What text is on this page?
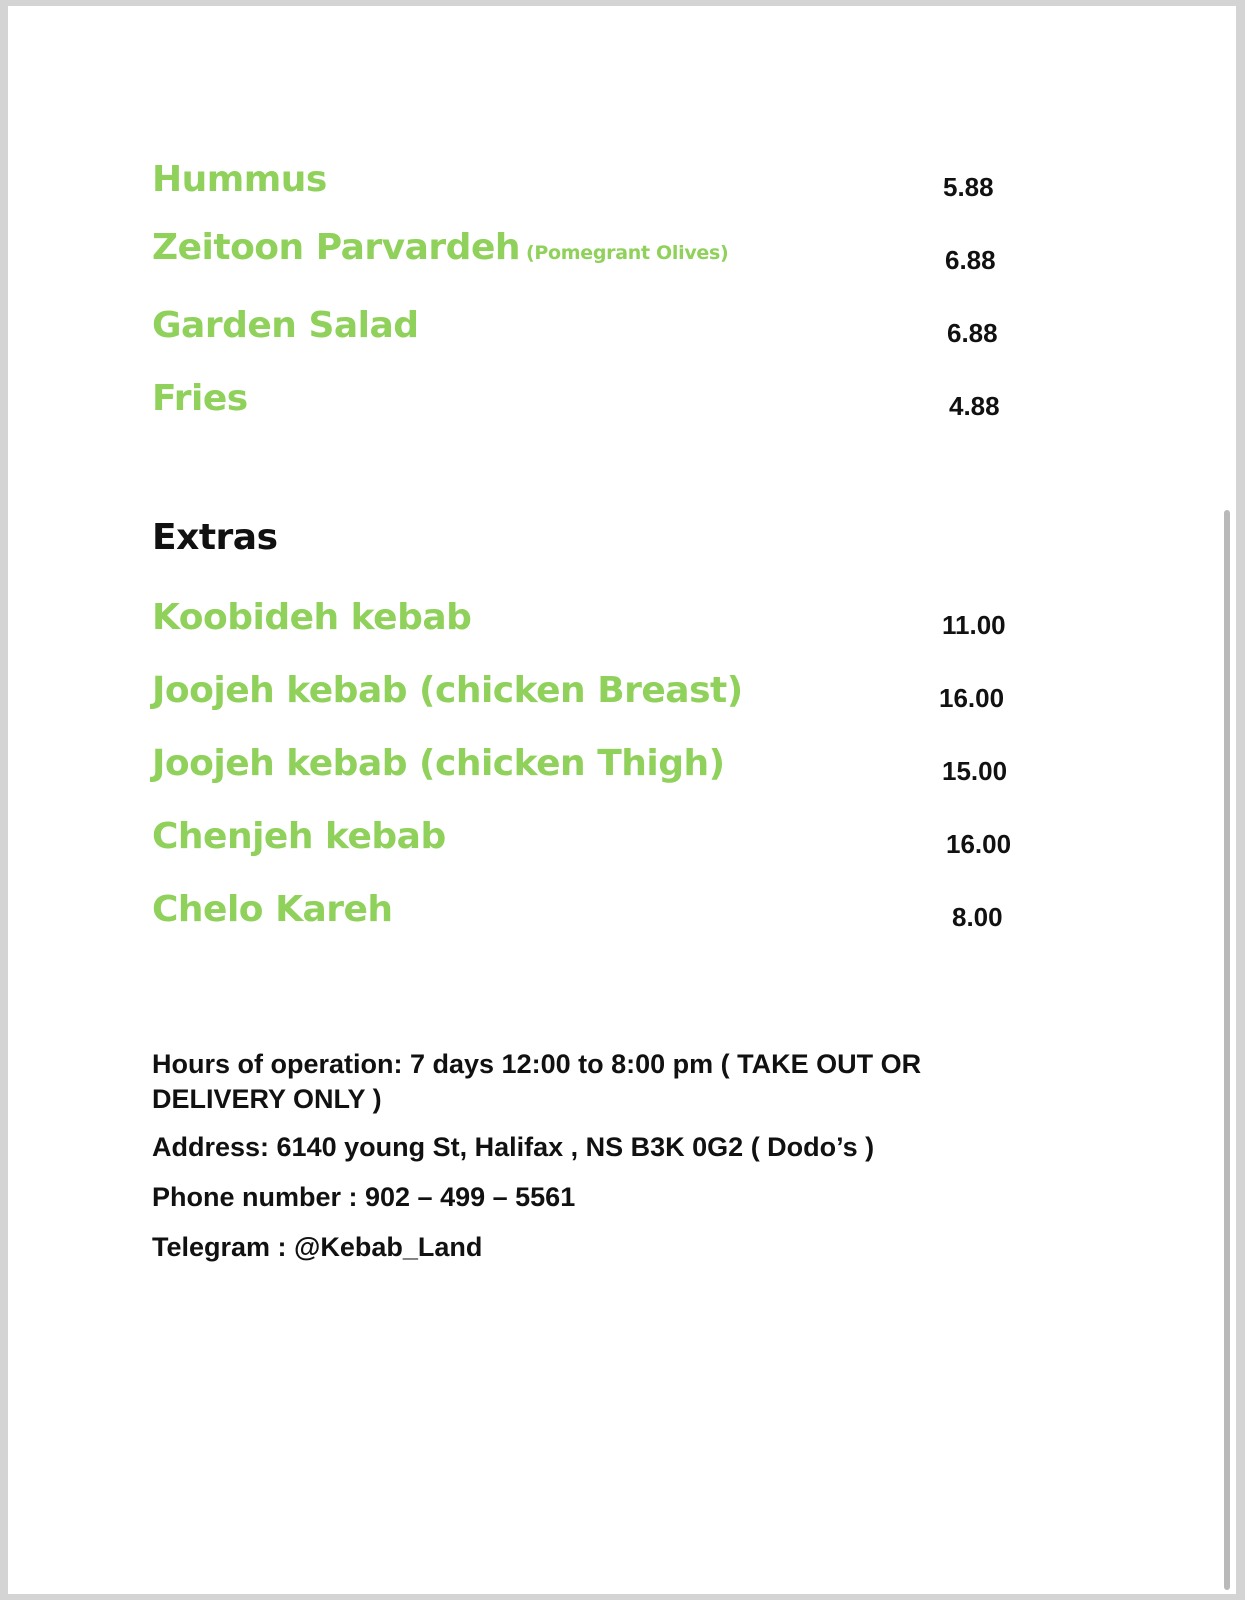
Hummus	5.88
Zeitoon Parvardeh (Pomegrant Olives)	6.88
Garden Salad	6.88
Fries	4.88
Extras
Koobideh kebab	11.00
Joojeh kebab (chicken Breast)	16.00
Joojeh kebab (chicken Thigh)	15.00
Chenjeh kebab	16.00
Chelo Kareh	8.00
Hours of operation: 7 days 12:00 to 8:00 pm ( TAKE OUT OR DELIVERY ONLY )
Address: 6140 young St, Halifax , NS B3K 0G2 ( Dodo’s )
Phone number : 902 – 499 – 5561
Telegram : @Kebab_Land
